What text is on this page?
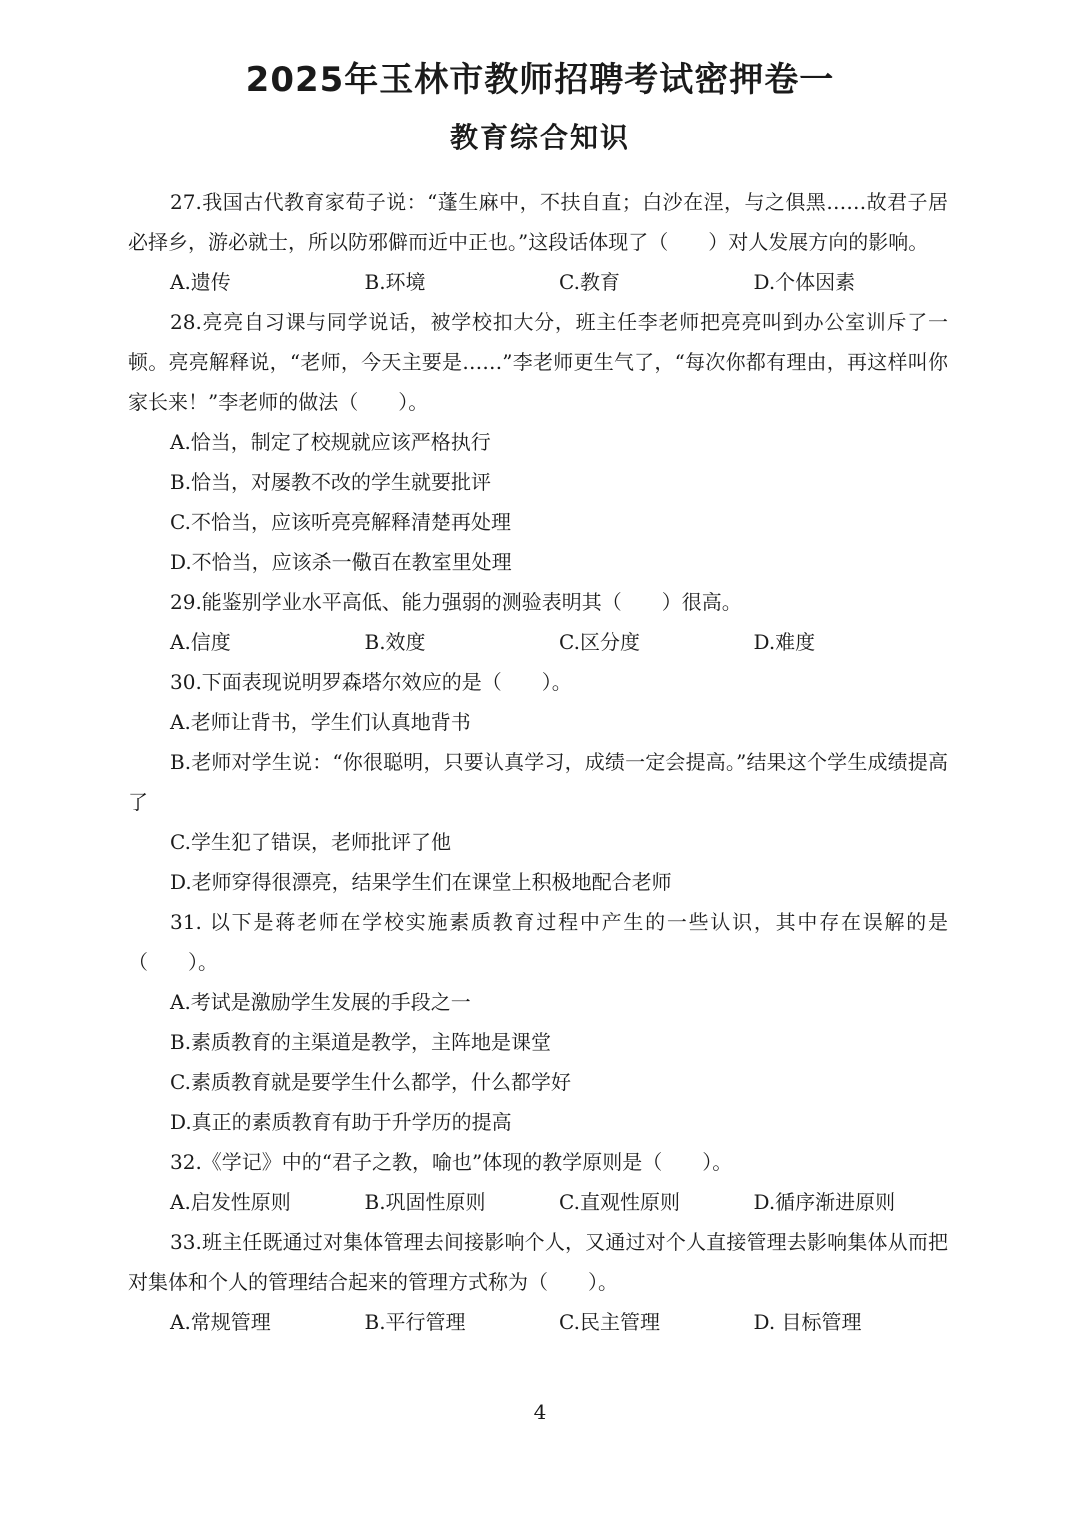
2025年玉林市教师招聘考试密押卷一
教育综合知识

27.我国古代教育家荀子说：“蓬生麻中，不扶自直；白沙在涅，与之俱黑……故君子居必择乡，游必就士，所以防邪僻而近中正也。”这段话体现了（　　）对人发展方向的影响。

A.遗传	B.环境	C.教育	D.个体因素

28.亮亮自习课与同学说话，被学校扣大分，班主任李老师把亮亮叫到办公室训斥了一顿。亮亮解释说，“老师，今天主要是……”李老师更生气了，“每次你都有理由，再这样叫你家长来！”李老师的做法（　　）。

A.恰当，制定了校规就应该严格执行

B.恰当，对屡教不改的学生就要批评

C.不恰当，应该听亮亮解释清楚再处理

D.不恰当，应该杀一儆百在教室里处理

29.能鉴别学业水平高低、能力强弱的测验表明其（　　）很高。

A.信度	B.效度	C.区分度	D.难度

30.下面表现说明罗森塔尔效应的是（　　）。

A.老师让背书，学生们认真地背书

B.老师对学生说：“你很聪明，只要认真学习，成绩一定会提高。”结果这个学生成绩提高了

C.学生犯了错误，老师批评了他

D.老师穿得很漂亮，结果学生们在课堂上积极地配合老师

31. 以下是蒋老师在学校实施素质教育过程中产生的一些认识，其中存在误解的是（　　）。

A.考试是激励学生发展的手段之一

B.素质教育的主渠道是教学，主阵地是课堂

C.素质教育就是要学生什么都学，什么都学好

D.真正的素质教育有助于升学历的提高

32.《学记》中的“君子之教，喻也”体现的教学原则是（　　）。

A.启发性原则	B.巩固性原则	C.直观性原则	D.循序渐进原则

33.班主任既通过对集体管理去间接影响个人，又通过对个人直接管理去影响集体从而把对集体和个人的管理结合起来的管理方式称为（　　）。

A.常规管理	B.平行管理	C.民主管理	D. 目标管理

4
